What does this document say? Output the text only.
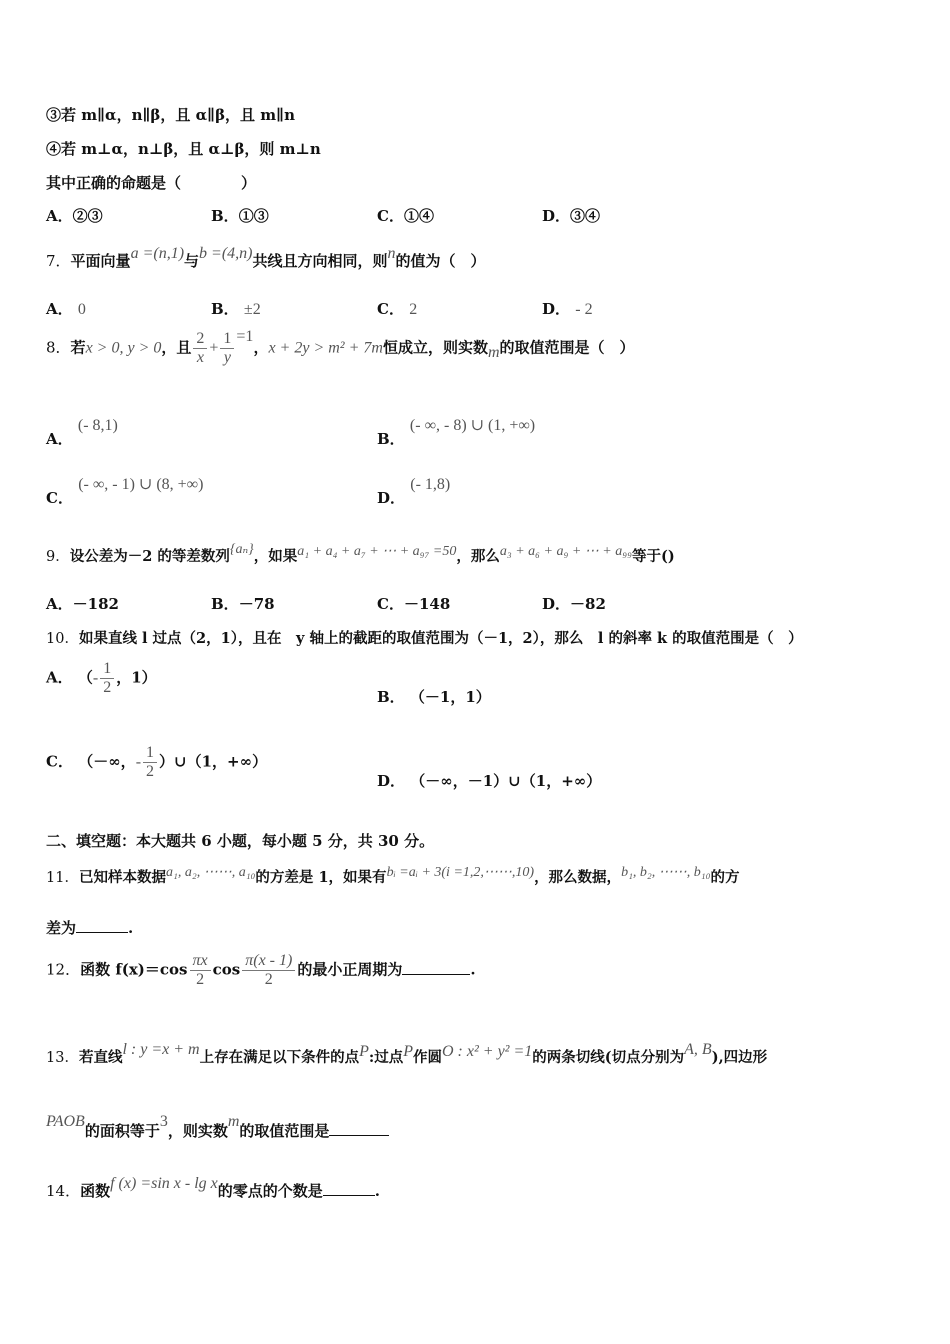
③若 m∥α，n∥β，且 α∥β，且 m∥n
④若 m⊥α，n⊥β，且 α⊥β，则 m⊥n
其中正确的命题是（　　　　）
A．②③	B．①③	C．①④	D．③④
7．平面向量a =(n,1)与b =(4,n)共线且方向相同，则n的值为（　）
A． 0	B． ±2	C． 2	D． - 2
8．若x > 0, y > 0，且 $\frac{2}{x} + \frac{1}{y} =1$，x + 2y > m² + 7m恒成立，则实数m的取值范围是（　）
A． (- 8,1)
B． (- ∞, - 8) ∪ (1, +∞)
C． (- ∞, - 1) ∪ (8, +∞)
D． (- 1,8)
9．设公差为－2 的等差数列{aₙ}，如果a₁ + a₄ + a₇ + ⋯ + a₉₇ =50，那么a₃ + a₆ + a₉ + ⋯ + a₉₉等于()
A．－182	B．－78	C．－148	D．－82
10．如果直线 l 过点（2，1），且在　y 轴上的截距的取值范围为（－1，2），那么　l 的斜率 k 的取值范围是（　）
A． （- $\frac{1}{2}$ ，1）
B． （－1，1）
C． （－∞，- $\frac{1}{2}$ ）∪（1，+∞）
D． （－∞，－1）∪（1，+∞）
二、填空题：本大题共 6 小题，每小题 5 分，共 30 分。
11．已知样本数据a₁, a₂, ⋯⋯, a₁₀的方差是 1，如果有bᵢ =aᵢ + 3(i =1,2,⋯⋯,10)，那么数据，b₁, b₂, ⋯⋯, b₁₀的方
差为	.
12．函数 $f(x)=\cos \frac{\pi x}{2}$ $\cos \frac{\pi(x - 1)}{2}$ 的最小正周期为	.
13．若直线l : y =x + m上存在满足以下条件的点P:过点P作圆O : x² + y² =1的两条切线(切点分别为A, B),四边形
PAOB的面积等于3，则实数m的取值范围是
14．函数f (x) =sin x - lg x的零点的个数是	.
